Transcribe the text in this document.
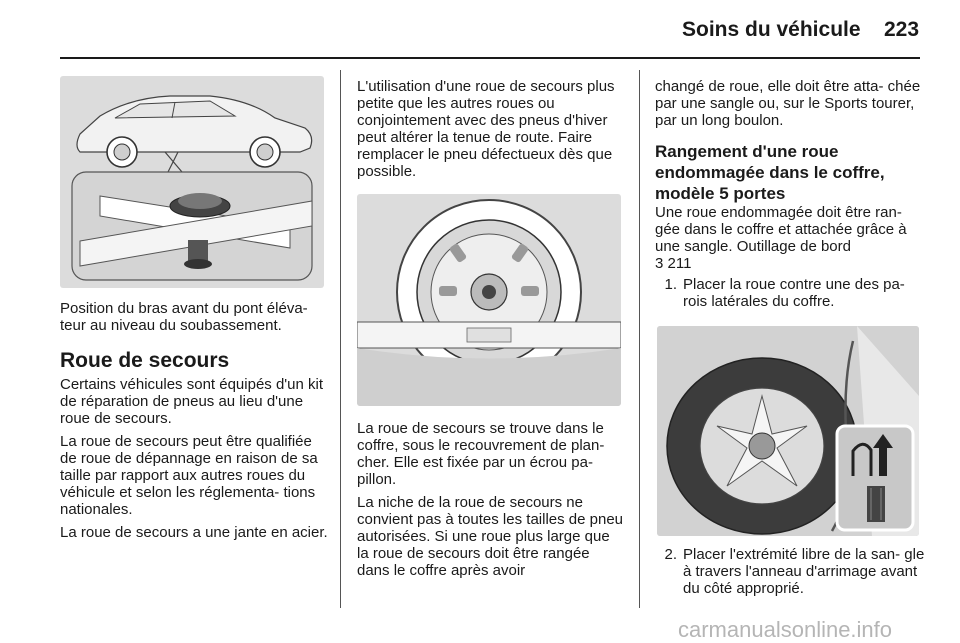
Soins du véhicule 223

Position du bras avant du pont éléva- teur au niveau du soubassement.

Roue de secours

Certains véhicules sont équipés d'un kit de réparation de pneus au lieu d'une roue de secours.

La roue de secours peut être qualifiée de roue de dépannage en raison de sa taille par rapport aux autres roues du véhicule et selon les réglementa- tions nationales.

La roue de secours a une jante en acier.

L'utilisation d'une roue de secours plus petite que les autres roues ou conjointement avec des pneus d'hiver peut altérer la tenue de route. Faire remplacer le pneu défectueux dès que possible.

La roue de secours se trouve dans le coffre, sous le recouvrement de plan- cher. Elle est fixée par un écrou pa- pillon.

La niche de la roue de secours ne convient pas à toutes les tailles de pneu autorisées. Si une roue plus large que la roue de secours doit être rangée dans le coffre après avoir

changé de roue, elle doit être atta- chée par une sangle ou, sur le Sports tourer, par un long boulon.

Rangement d'une roue endommagée dans le coffre, modèle 5 portes

Une roue endommagée doit être ran- gée dans le coffre et attachée grâce à une sangle. Outillage de bord

3 211

1. Placer la roue contre une des pa- rois latérales du coffre.
2. Placer l'extrémité libre de la san- gle à travers l'anneau d'arrimage avant du côté approprié.
carmanualsonline.info
